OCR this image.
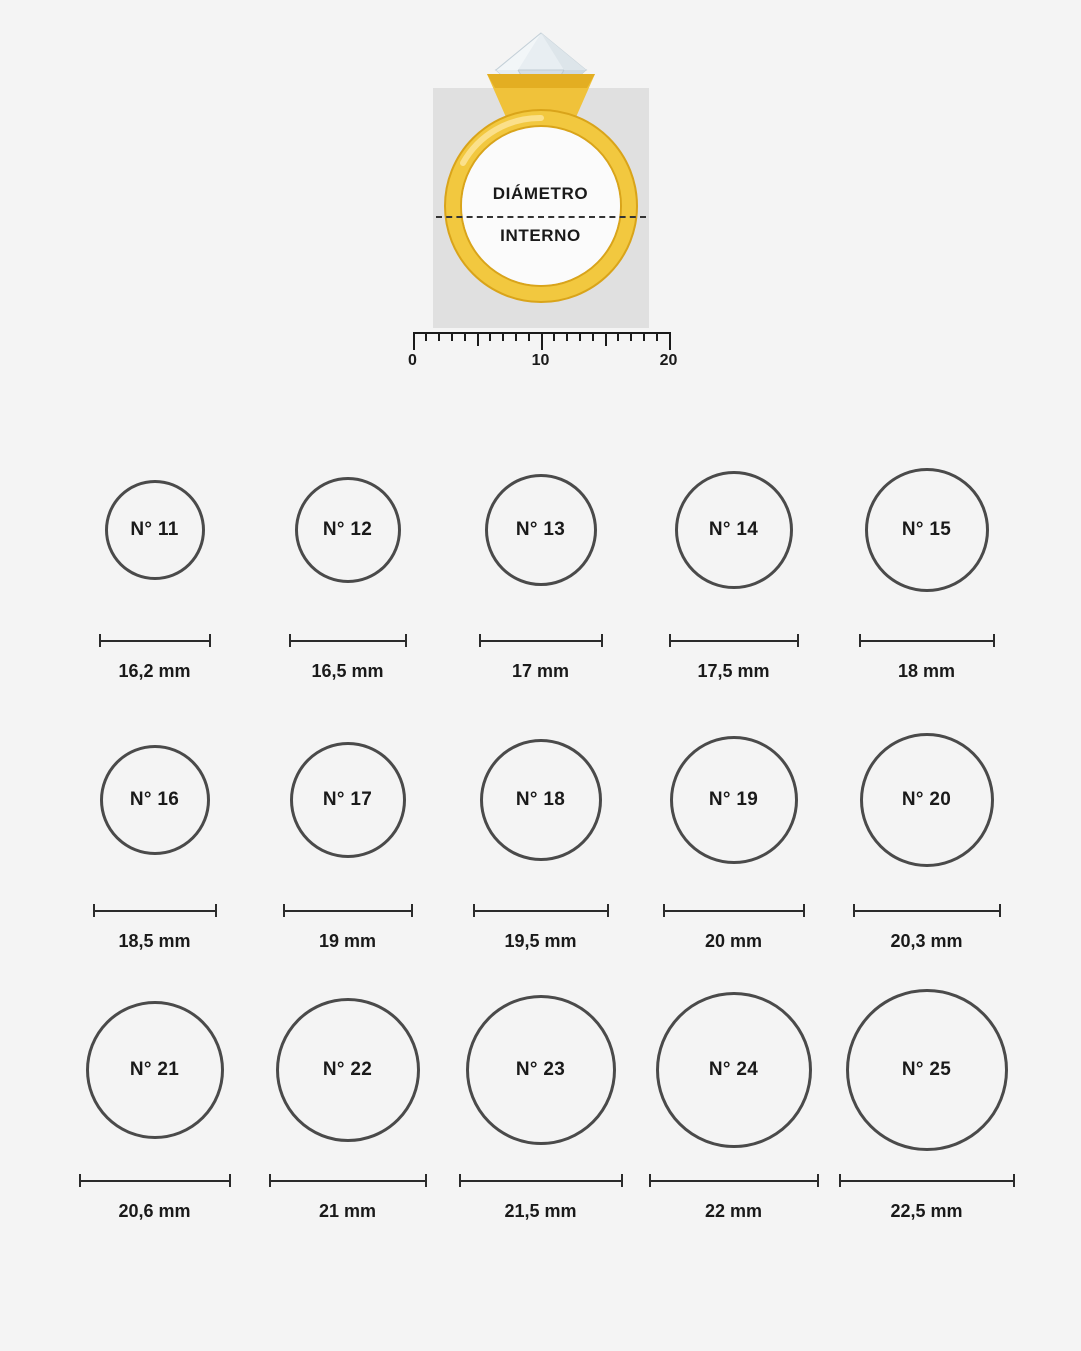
DIÁMETRO
INTERNO
0	10	20
N° 11
16,2 mm
N° 12
16,5 mm
N° 13
17 mm
N° 14
17,5 mm
N° 15
18 mm
N° 16
18,5 mm
N° 17
19 mm
N° 18
19,5 mm
N° 19
20 mm
N° 20
20,3 mm
N° 21
20,6 mm
N° 22
21 mm
N° 23
21,5 mm
N° 24
22 mm
N° 25
22,5 mm
